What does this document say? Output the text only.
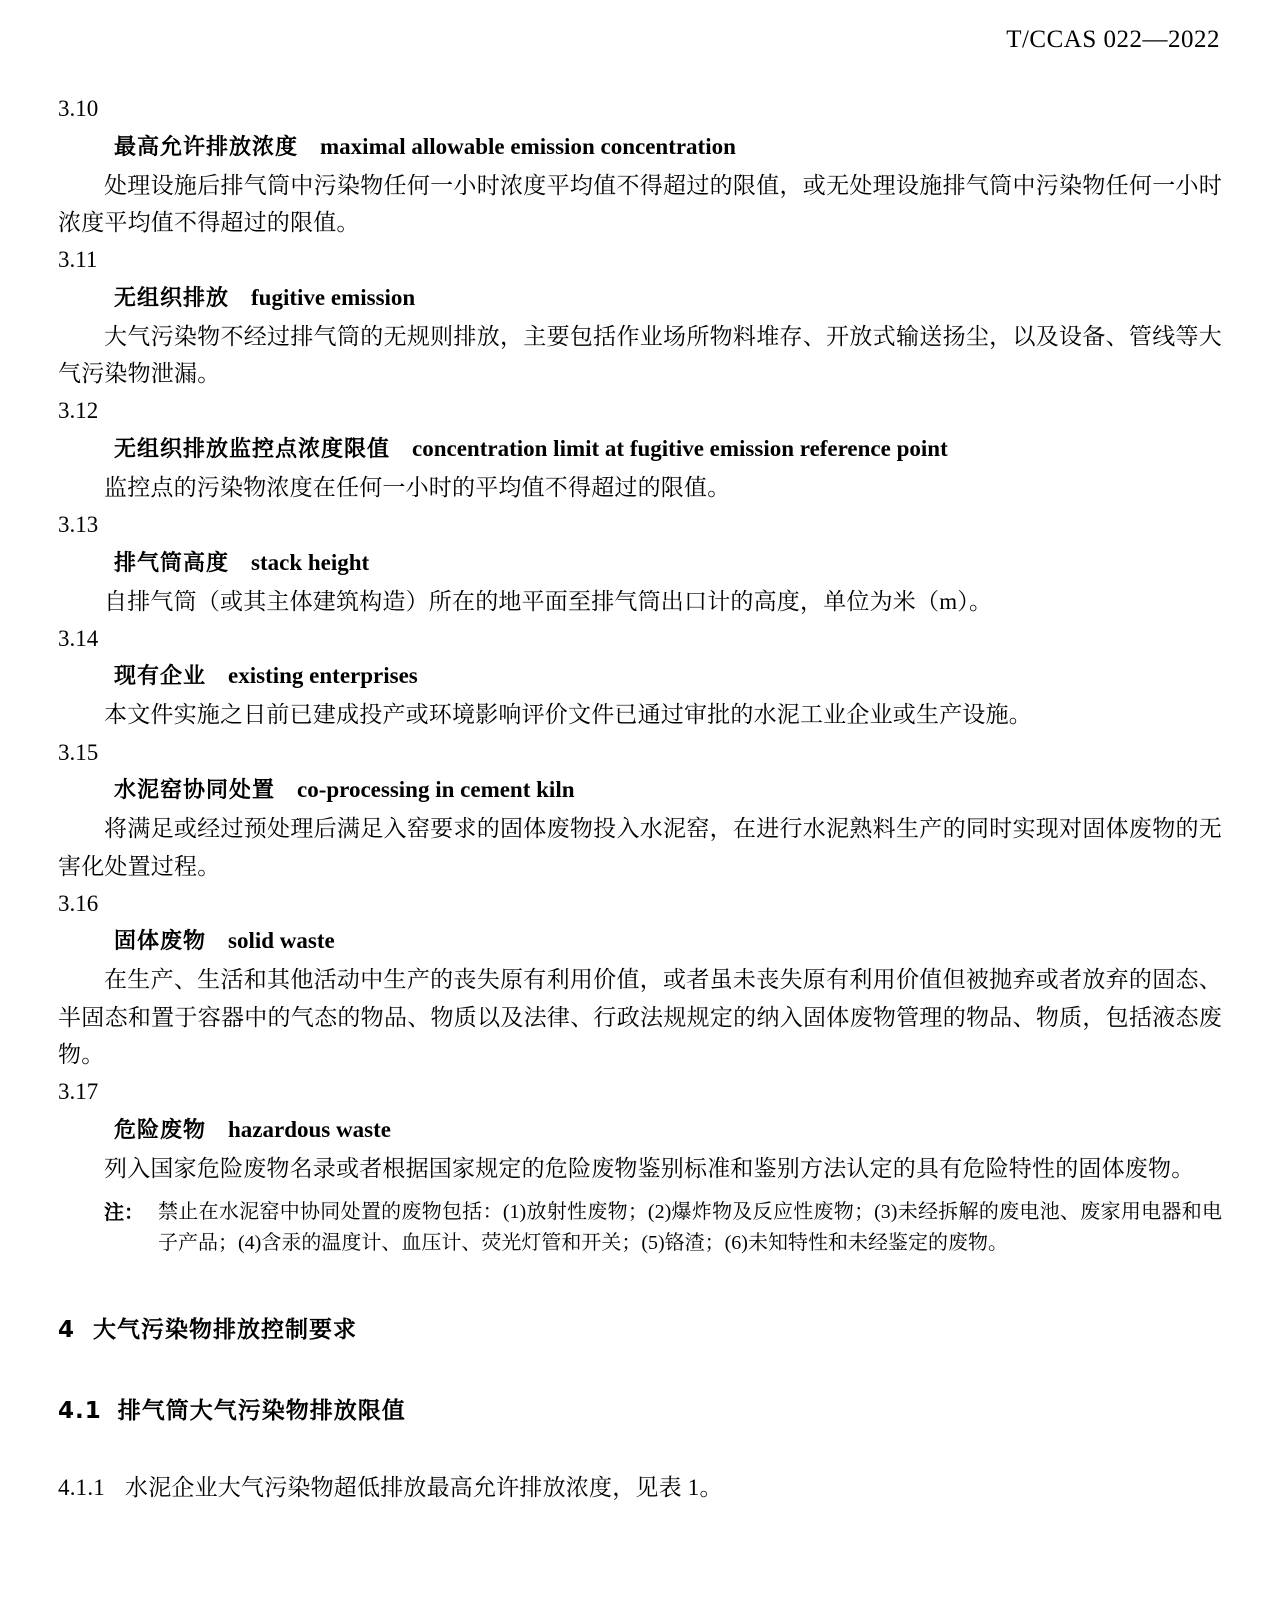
T/CCAS 022—2022
3.10
最高允许排放浓度 maximal allowable emission concentration
处理设施后排气筒中污染物任何一小时浓度平均值不得超过的限值，或无处理设施排气筒中污染物任何一小时浓度平均值不得超过的限值。
3.11
无组织排放 fugitive emission
大气污染物不经过排气筒的无规则排放，主要包括作业场所物料堆存、开放式输送扬尘，以及设备、管线等大气污染物泄漏。
3.12
无组织排放监控点浓度限值 concentration limit at fugitive emission reference point
监控点的污染物浓度在任何一小时的平均值不得超过的限值。
3.13
排气筒高度 stack height
自排气筒（或其主体建筑构造）所在的地平面至排气筒出口计的高度，单位为米（m）。
3.14
现有企业 existing enterprises
本文件实施之日前已建成投产或环境影响评价文件已通过审批的水泥工业企业或生产设施。
3.15
水泥窑协同处置 co-processing in cement kiln
将满足或经过预处理后满足入窑要求的固体废物投入水泥窑，在进行水泥熟料生产的同时实现对固体废物的无害化处置过程。
3.16
固体废物 solid waste
在生产、生活和其他活动中生产的丧失原有利用价值，或者虽未丧失原有利用价值但被抛弃或者放弃的固态、半固态和置于容器中的气态的物品、物质以及法律、行政法规规定的纳入固体废物管理的物品、物质，包括液态废物。
3.17
危险废物 hazardous waste
列入国家危险废物名录或者根据国家规定的危险废物鉴别标准和鉴别方法认定的具有危险特性的固体废物。
注： 禁止在水泥窑中协同处置的废物包括：(1)放射性废物；(2)爆炸物及反应性废物；(3)未经拆解的废电池、废家用电器和电子产品；(4)含汞的温度计、血压计、荧光灯管和开关；(5)铬渣；(6)未知特性和未经鉴定的废物。
4 大气污染物排放控制要求
4.1 排气筒大气污染物排放限值
4.1.1 水泥企业大气污染物超低排放最高允许排放浓度，见表 1。
